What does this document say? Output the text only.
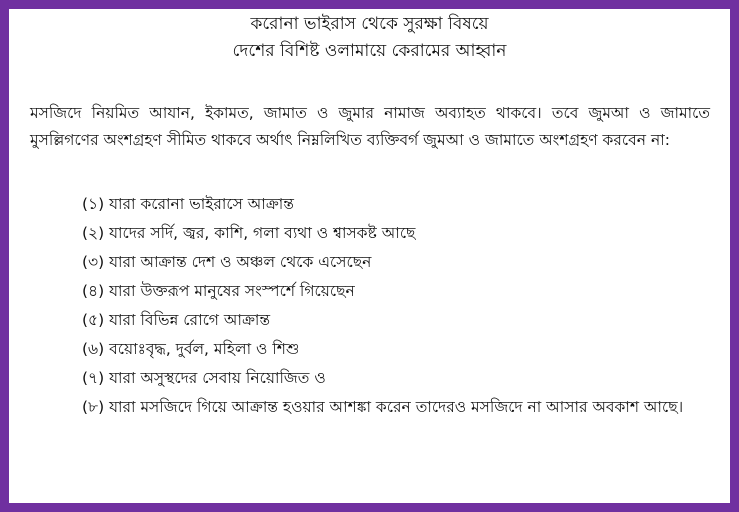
করোনা ভাইরাস থেকে সুরক্ষা বিষয়ে
দেশের বিশিষ্ট ওলামায়ে কেরামের আহ্বান
মসজিদে নিয়মিত আযান, ইকামত, জামাত ও জুমার নামাজ অব্যাহত থাকবে। তবে জুমআ ও জামাতে মুসল্লিগণের অংশগ্রহণ সীমিত থাকবে অর্থাৎ নিম্নলিখিত ব্যক্তিবর্গ জুমআ ও জামাতে অংশগ্রহণ করবেন না:
(১) যারা করোনা ভাইরাসে আক্রান্ত
(২) যাদের সর্দি, জ্বর, কাশি, গলা ব্যথা ও শ্বাসকষ্ট আছে
(৩) যারা আক্রান্ত দেশ ও অঞ্চল থেকে এসেছেন
(৪) যারা উক্তরূপ মানুষের সংস্পর্শে গিয়েছেন
(৫) যারা বিভিন্ন রোগে আক্রান্ত
(৬) বয়োঃবৃদ্ধ, দুর্বল, মহিলা ও শিশু
(৭) যারা অসুস্থদের সেবায় নিয়োজিত ও
(৮) যারা মসজিদে গিয়ে আক্রান্ত হওয়ার আশঙ্কা করেন তাদেরও মসজিদে না আসার অবকাশ আছে।
